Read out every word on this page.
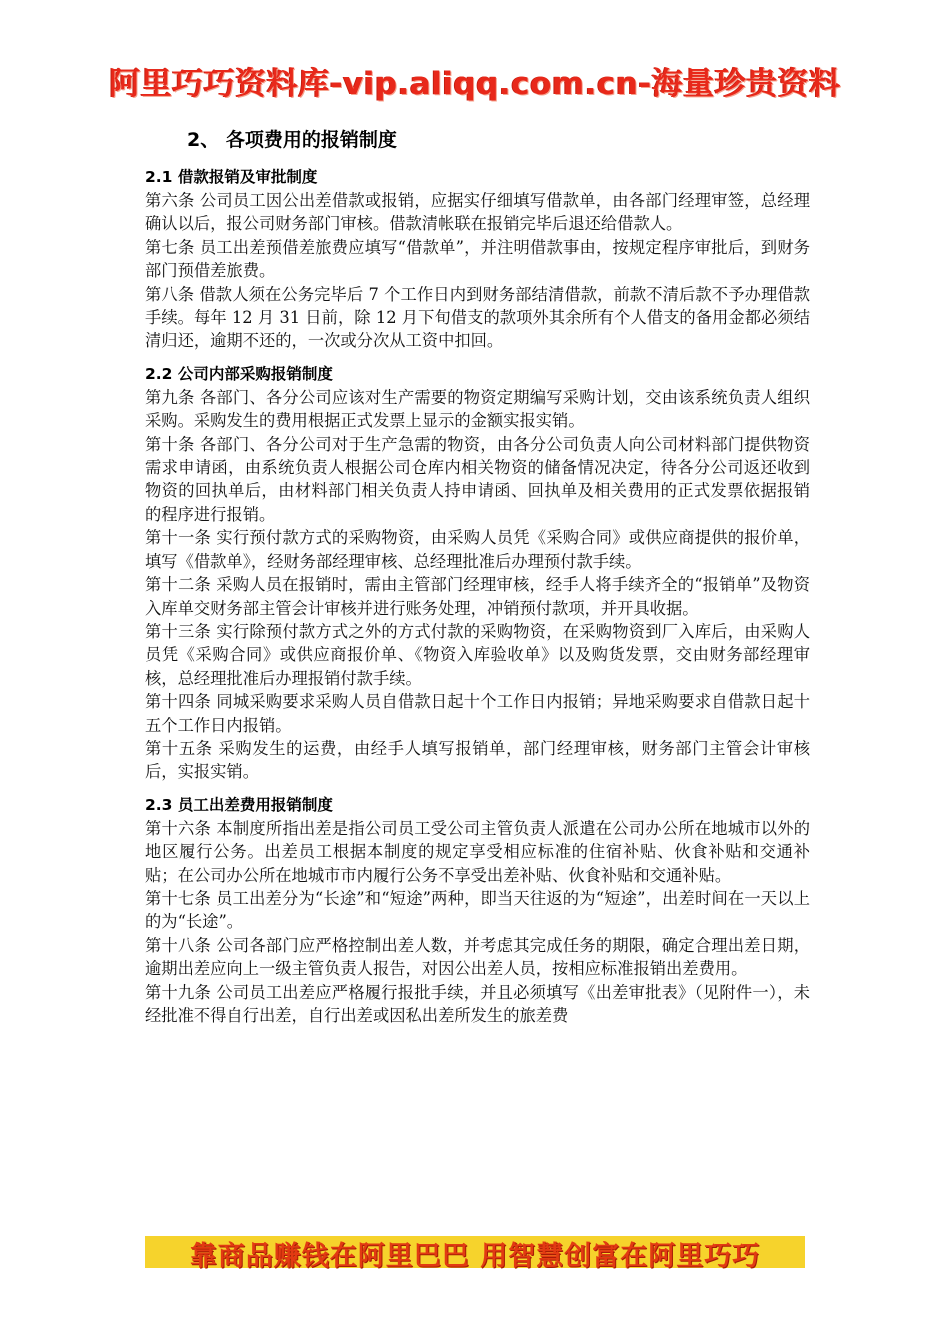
阿里巧巧资料库-vip.aliqq.com.cn-海量珍贵资料
2、 各项费用的报销制度

2.1 借款报销及审批制度

第六条 公司员工因公出差借款或报销，应据实仔细填写借款单，由各部门经理审签，总经理确认以后，报公司财务部门审核。借款清帐联在报销完毕后退还给借款人。

第七条 员工出差预借差旅费应填写“借款单”，并注明借款事由，按规定程序审批后，到财务部门预借差旅费。

第八条 借款人须在公务完毕后 7 个工作日内到财务部结清借款，前款不清后款不予办理借款手续。每年 12 月 31 日前，除 12 月下旬借支的款项外其余所有个人借支的备用金都必须结清归还，逾期不还的，一次或分次从工资中扣回。

2.2 公司内部采购报销制度

第九条 各部门、各分公司应该对生产需要的物资定期编写采购计划，交由该系统负责人组织采购。采购发生的费用根据正式发票上显示的金额实报实销。

第十条 各部门、各分公司对于生产急需的物资，由各分公司负责人向公司材料部门提供物资需求申请函，由系统负责人根据公司仓库内相关物资的储备情况决定，待各分公司返还收到物资的回执单后，由材料部门相关负责人持申请函、回执单及相关费用的正式发票依据报销的程序进行报销。

第十一条 实行预付款方式的采购物资，由采购人员凭《采购合同》或供应商提供的报价单，填写《借款单》，经财务部经理审核、总经理批准后办理预付款手续。

第十二条 采购人员在报销时，需由主管部门经理审核，经手人将手续齐全的“报销单”及物资入库单交财务部主管会计审核并进行账务处理，冲销预付款项，并开具收据。

第十三条 实行除预付款方式之外的方式付款的采购物资，在采购物资到厂入库后，由采购人员凭《采购合同》或供应商报价单、《物资入库验收单》以及购货发票，交由财务部经理审核，总经理批准后办理报销付款手续。

第十四条 同城采购要求采购人员自借款日起十个工作日内报销；异地采购要求自借款日起十五个工作日内报销。

第十五条 采购发生的运费，由经手人填写报销单，部门经理审核，财务部门主管会计审核后，实报实销。

2.3 员工出差费用报销制度

第十六条 本制度所指出差是指公司员工受公司主管负责人派遣在公司办公所在地城市以外的地区履行公务。出差员工根据本制度的规定享受相应标准的住宿补贴、伙食补贴和交通补贴；在公司办公所在地城市市内履行公务不享受出差补贴、伙食补贴和交通补贴。

第十七条 员工出差分为“长途”和“短途”两种，即当天往返的为“短途”，出差时间在一天以上的为“长途”。

第十八条 公司各部门应严格控制出差人数，并考虑其完成任务的期限，确定合理出差日期，逾期出差应向上一级主管负责人报告，对因公出差人员，按相应标准报销出差费用。

第十九条 公司员工出差应严格履行报批手续，并且必须填写《出差审批表》（见附件一），未经批准不得自行出差，自行出差或因私出差所发生的旅差费

靠商品赚钱在阿里巴巴 用智慧创富在阿里巧巧
